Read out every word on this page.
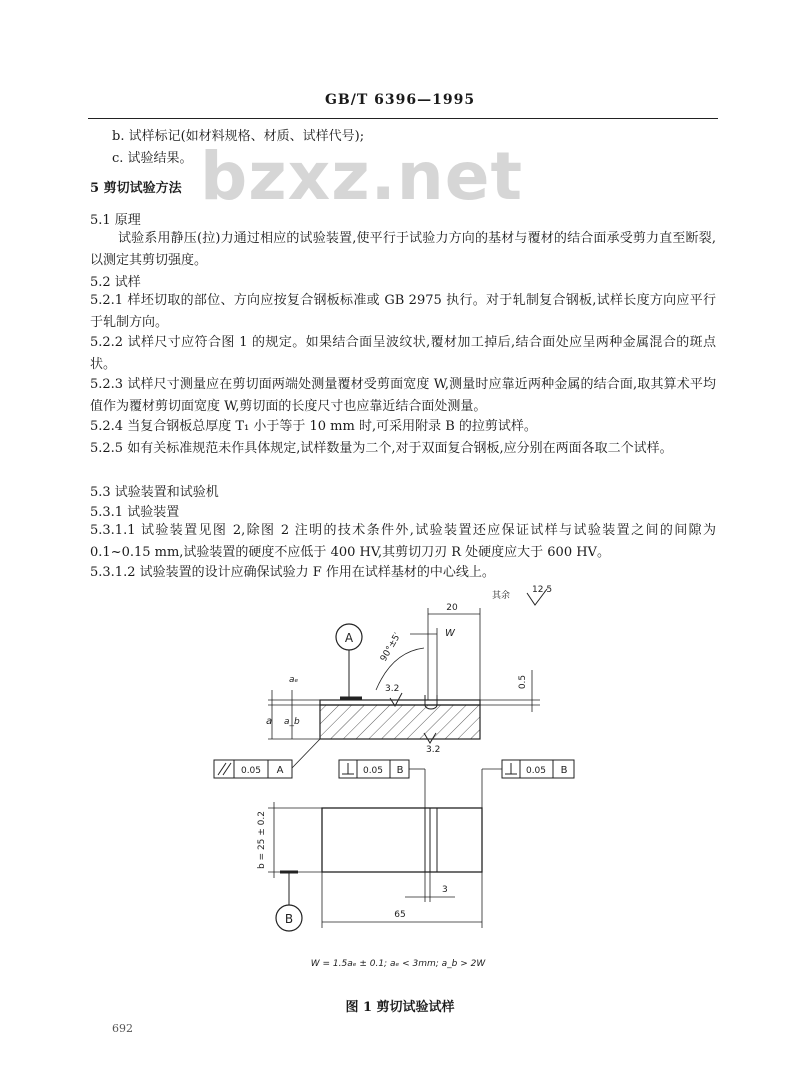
GB/T 6396—1995
bzxz.net
b. 试样标记(如材料规格、材质、试样代号);
c. 试验结果。
5 剪切试验方法
5.1 原理
试验系用静压(拉)力通过相应的试验装置,使平行于试验力方向的基材与覆材的结合面承受剪力直至断裂,以测定其剪切强度。
5.2 试样
5.2.1 样坯切取的部位、方向应按复合钢板标准或 GB 2975 执行。对于轧制复合钢板,试样长度方向应平行于轧制方向。
5.2.2 试样尺寸应符合图 1 的规定。如果结合面呈波纹状,覆材加工掉后,结合面处应呈两种金属混合的斑点状。
5.2.3 试样尺寸测量应在剪切面两端处测量覆材受剪面宽度 W,测量时应靠近两种金属的结合面,取其算术平均值作为覆材剪切面宽度 W,剪切面的长度尺寸也应靠近结合面处测量。
5.2.4 当复合钢板总厚度 T₁ 小于等于 10 mm 时,可采用附录 B 的拉剪试样。
5.2.5 如有关标准规范未作具体规定,试样数量为二个,对于双面复合钢板,应分别在两面各取二个试样。
5.3 试验装置和试验机
5.3.1 试验装置
5.3.1.1 试验装置见图 2,除图 2 注明的技术条件外,试验装置还应保证试样与试验装置之间的间隙为 0.1~0.15 mm,试验装置的硬度不应低于 400 HV,其剪切刀刃 R 处硬度应大于 600 HV。
5.3.1.2 试验装置的设计应确保试验力 F 作用在试样基材的中心线上。
其余
12.5
A
20
W
90°±5′
3.2
3.2
0.5
aₑ
a a_b
0.05 A	0.05 B	0.05 B
b = 25 ± 0.2
B
3
65
W = 1.5aₑ ± 0.1; aₑ < 3mm; a_b > 2W
图 1 剪切试验试样
692
